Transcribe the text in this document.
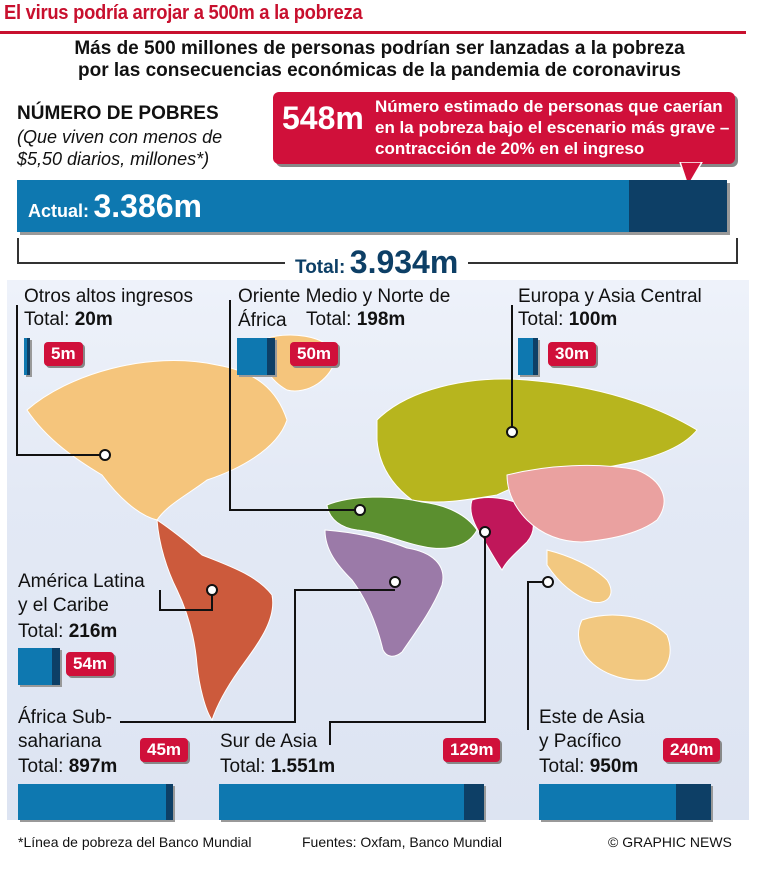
El virus podría arrojar a 500m a la pobreza
Más de 500 millones de personas podrían ser lanzadas a la pobreza
por las consecuencias económicas de la pandemia de coronavirus
NÚMERO DE POBRES
(Que viven con menos de
$5,50 diarios, millones*)
548m Número estimado de personas que caerían en la pobreza bajo el escenario más grave – contracción de 20% en el ingreso
Actual: 3.386m
Total: 3.934m
Otros altos ingresos
Total: 20m
5m
Oriente Medio y Norte de
África Total: 198m
50m
Europa y Asia Central
Total: 100m
30m
América Latina
y el Caribe
Total: 216m
54m
África Sub-
sahariana
Total: 897m
45m	Sur de Asia
Total: 1.551m
129m
Este de Asia
y Pacífico
Total: 950m
240m
*Línea de pobreza del Banco Mundial	Fuentes: Oxfam, Banco Mundial	© GRAPHIC NEWS
